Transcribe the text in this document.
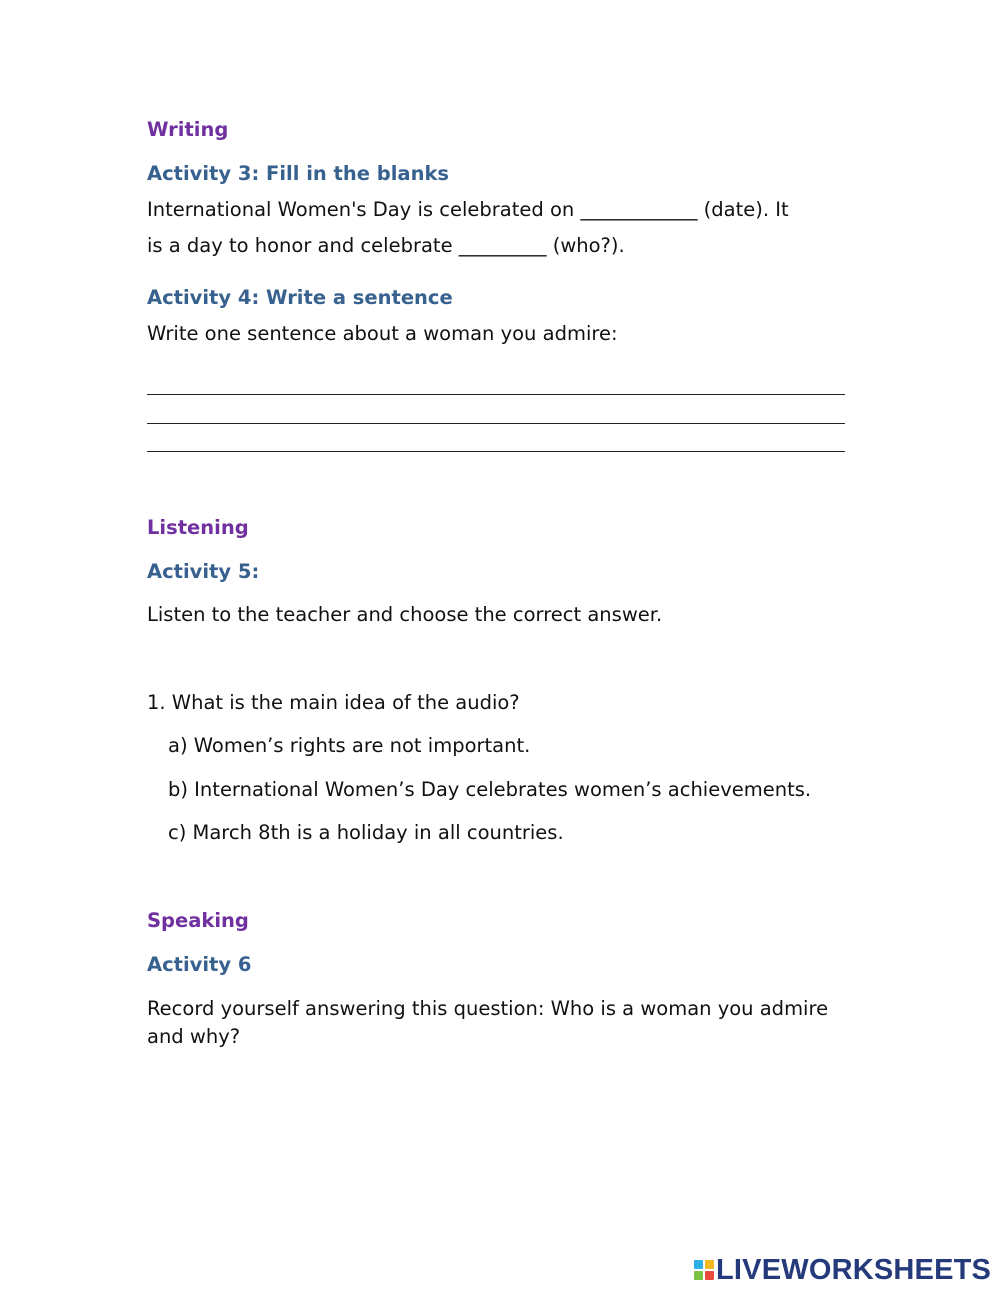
Writing

Activity 3: Fill in the blanks

International Women's Day is celebrated on ____________ (date). It

is a day to honor and celebrate _________ (who?).

Activity 4: Write a sentence

Write one sentence about a woman you admire:

Listening

Activity 5:

Listen to the teacher and choose the correct answer.

1. What is the main idea of the audio?

a) Women’s rights are not important.

b) International Women’s Day celebrates women’s achievements.

c) March 8th is a holiday in all countries.

Speaking

Activity 6

Record yourself answering this question: Who is a woman you admire and why?

LIVEWORKSHEETS
